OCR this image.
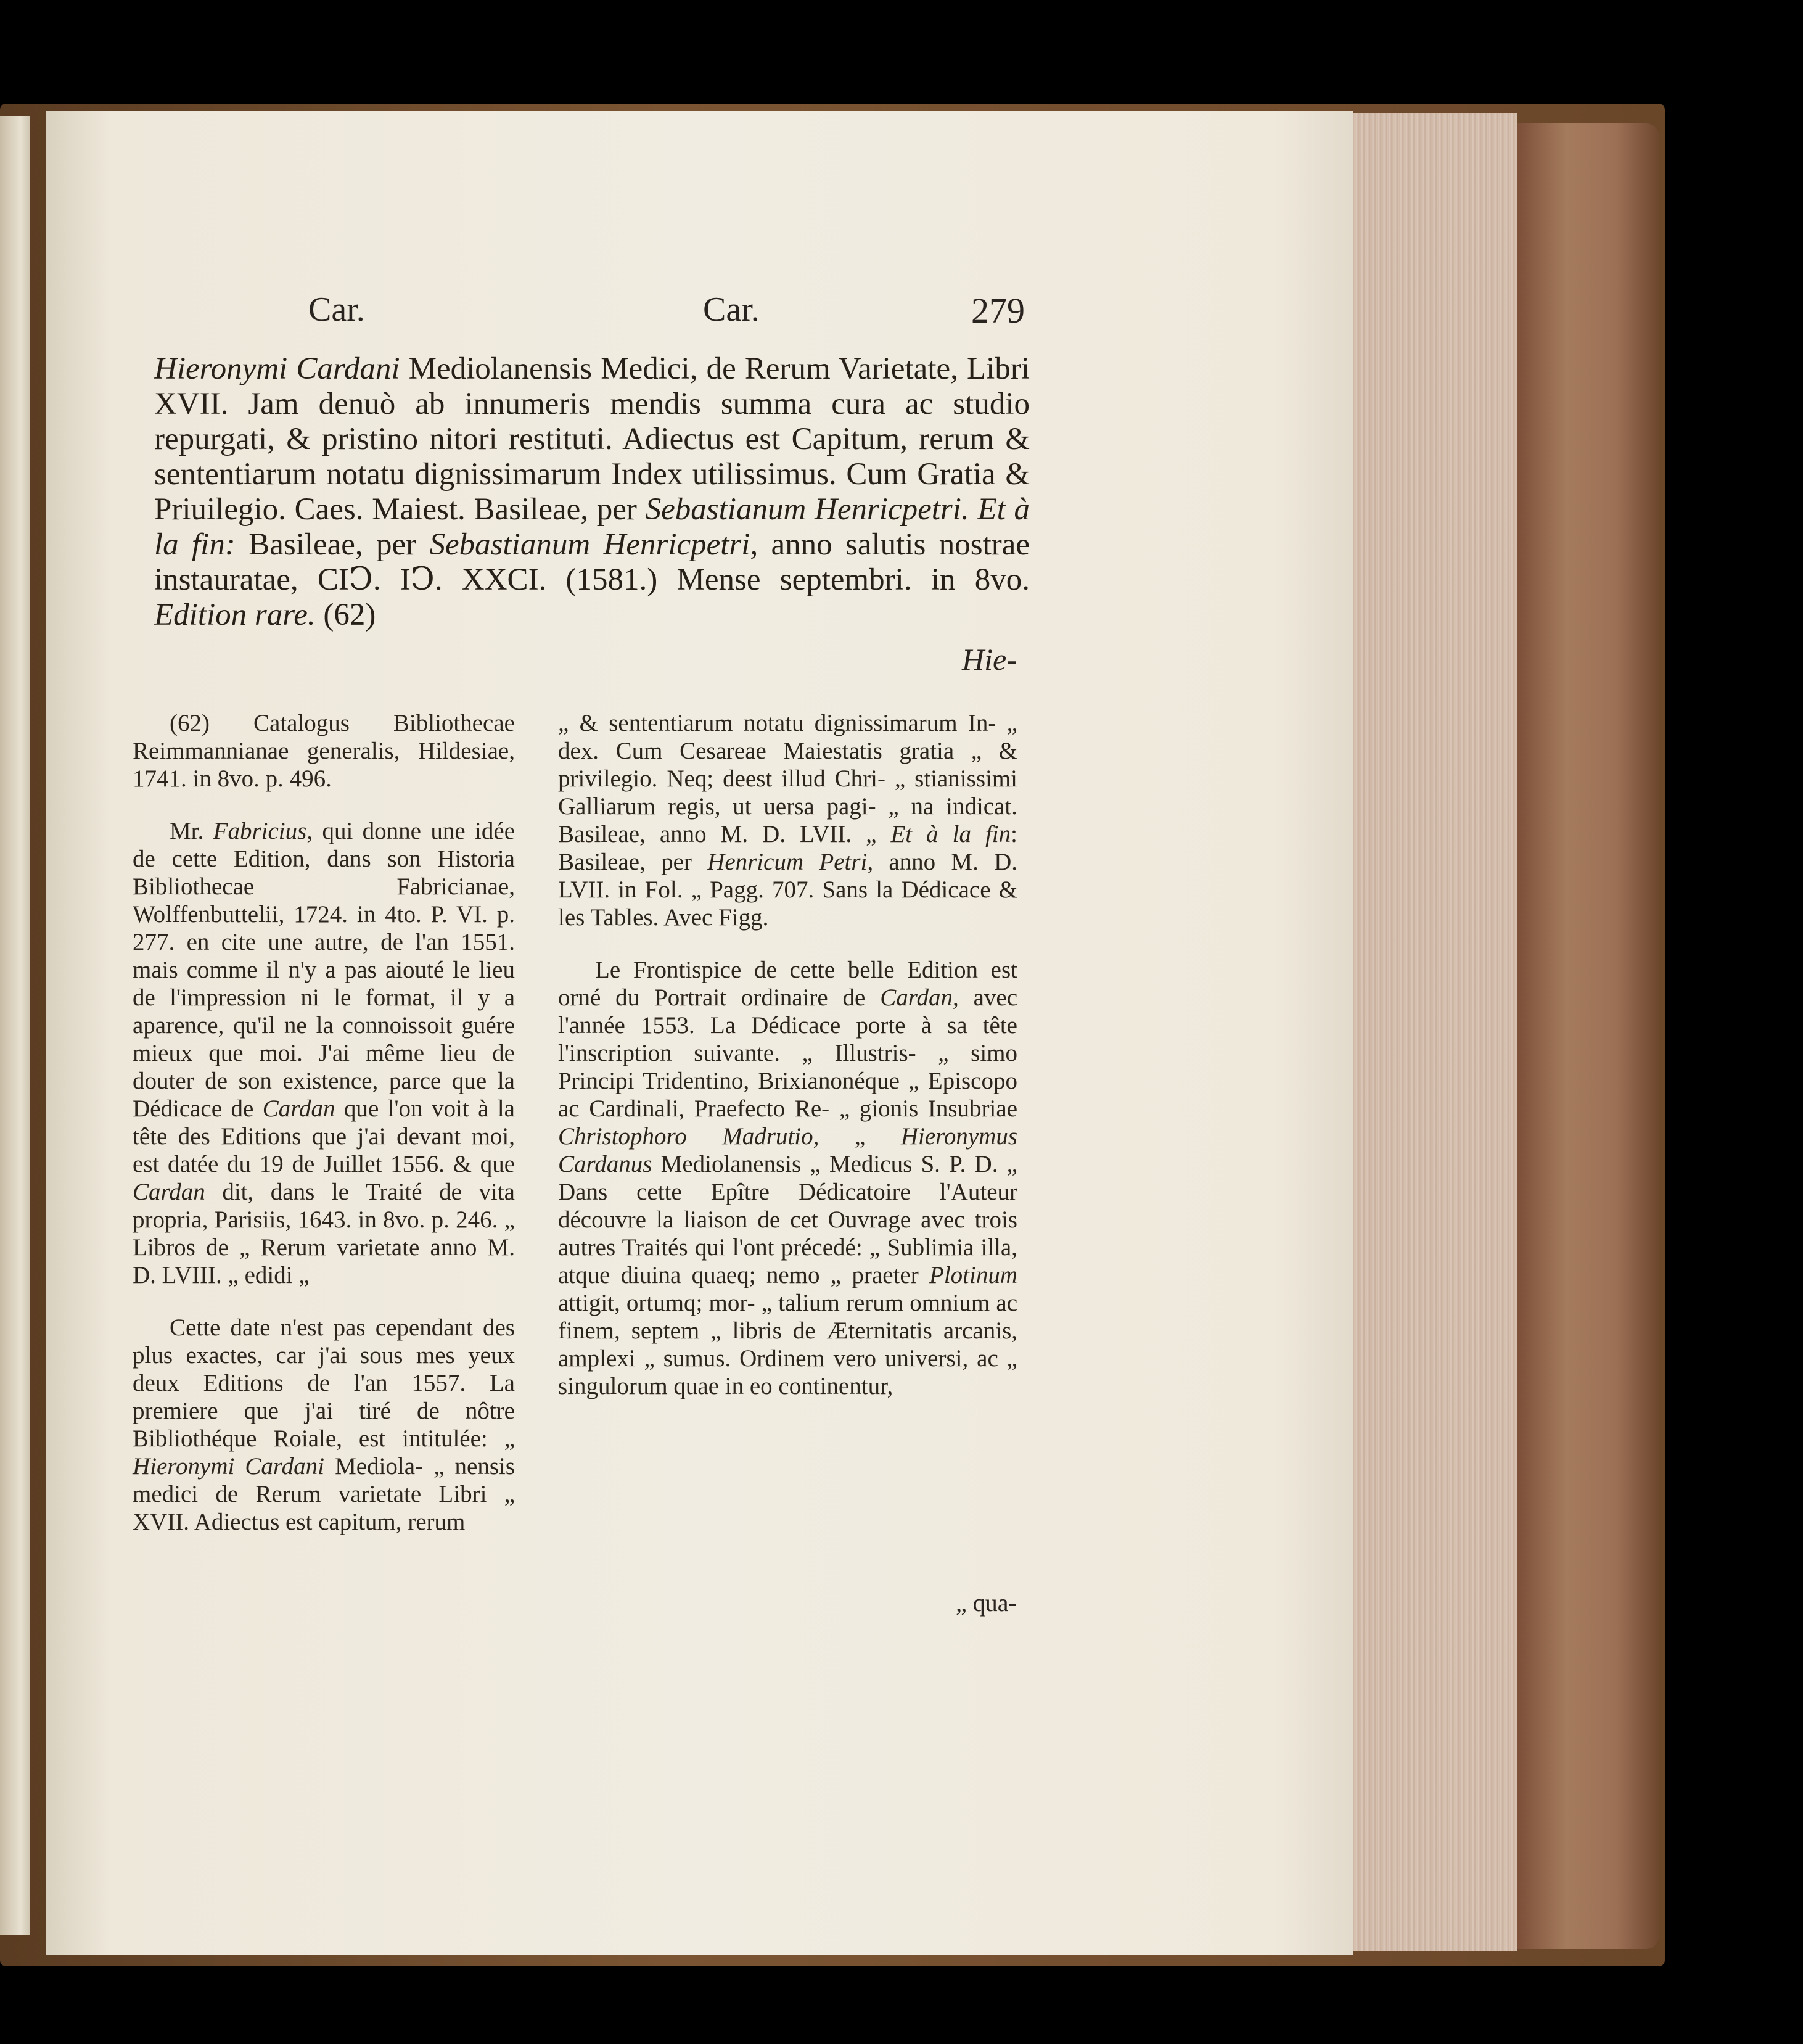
Car.	Car.	279
Hieronymi Cardani Mediolanensis Medici, de Rerum Varietate, Libri XVII. Jam denuò ab innumeris mendis summa cura ac studio repurgati, & pristino nitori restituti. Adiectus est Capitum, rerum & sententiarum notatu dignissimarum Index utilissimus. Cum Gratia & Priuilegio. Caes. Maiest. Basileae, per Sebastianum Henricpetri. Et à la fin: Basileae, per Sebastianum Henricpetri, anno salutis nostrae instauratae, CIↃ. IↃ. XXCI. (1581.) Mense septembri. in 8vo. Edition rare. (62)
Hie-

(62) Catalogus Bibliothecae Reimmannianae generalis, Hildesiae, 1741. in 8vo. p. 496.

Mr. Fabricius, qui donne une idée de cette Edition, dans son Historia Bibliothecae Fabricianae, Wolffenbuttelii, 1724. in 4to. P. VI. p. 277. en cite une autre, de l'an 1551. mais comme il n'y a pas aiouté le lieu de l'impression ni le format, il y a aparence, qu'il ne la connoissoit guére mieux que moi. J'ai même lieu de douter de son existence, parce que la Dédicace de Cardan que l'on voit à la tête des Editions que j'ai devant moi, est datée du 19 de Juillet 1556. & que Cardan dit, dans le Traité de vita propria, Parisiis, 1643. in 8vo. p. 246. „ Libros de „ Rerum varietate anno M. D. LVIII. „ edidi „

Cette date n'est pas cependant des plus exactes, car j'ai sous mes yeux deux Editions de l'an 1557. La premiere que j'ai tiré de nôtre Bibliothéque Roiale, est intitulée: „ Hieronymi Cardani Mediola- „ nensis medici de Rerum varietate Libri „ XVII. Adiectus est capitum, rerum

„ & sententiarum notatu dignissimarum In- „ dex. Cum Cesareae Maiestatis gratia „ & privilegio. Neq; deest illud Chri- „ stianissimi Galliarum regis, ut uersa pagi- „ na indicat. Basileae, anno M. D. LVII. „ Et à la fin: Basileae, per Henricum Petri, anno M. D. LVII. in Fol. „ Pagg. 707. Sans la Dédicace & les Tables. Avec Figg.

Le Frontispice de cette belle Edition est orné du Portrait ordinaire de Cardan, avec l'année 1553. La Dédicace porte à sa tête l'inscription suivante. „ Illustris- „ simo Principi Tridentino, Brixianonéque „ Episcopo ac Cardinali, Praefecto Re- „ gionis Insubriae Christophoro Madrutio, „ Hieronymus Cardanus Mediolanensis „ Medicus S. P. D. „ Dans cette Epître Dédicatoire l'Auteur découvre la liaison de cet Ouvrage avec trois autres Traités qui l'ont précedé: „ Sublimia illa, atque diuina quaeq; nemo „ praeter Plotinum attigit, ortumq; mor- „ talium rerum omnium ac finem, septem „ libris de Æternitatis arcanis, amplexi „ sumus. Ordinem vero universi, ac „ singulorum quae in eo continentur,

„ qua-
